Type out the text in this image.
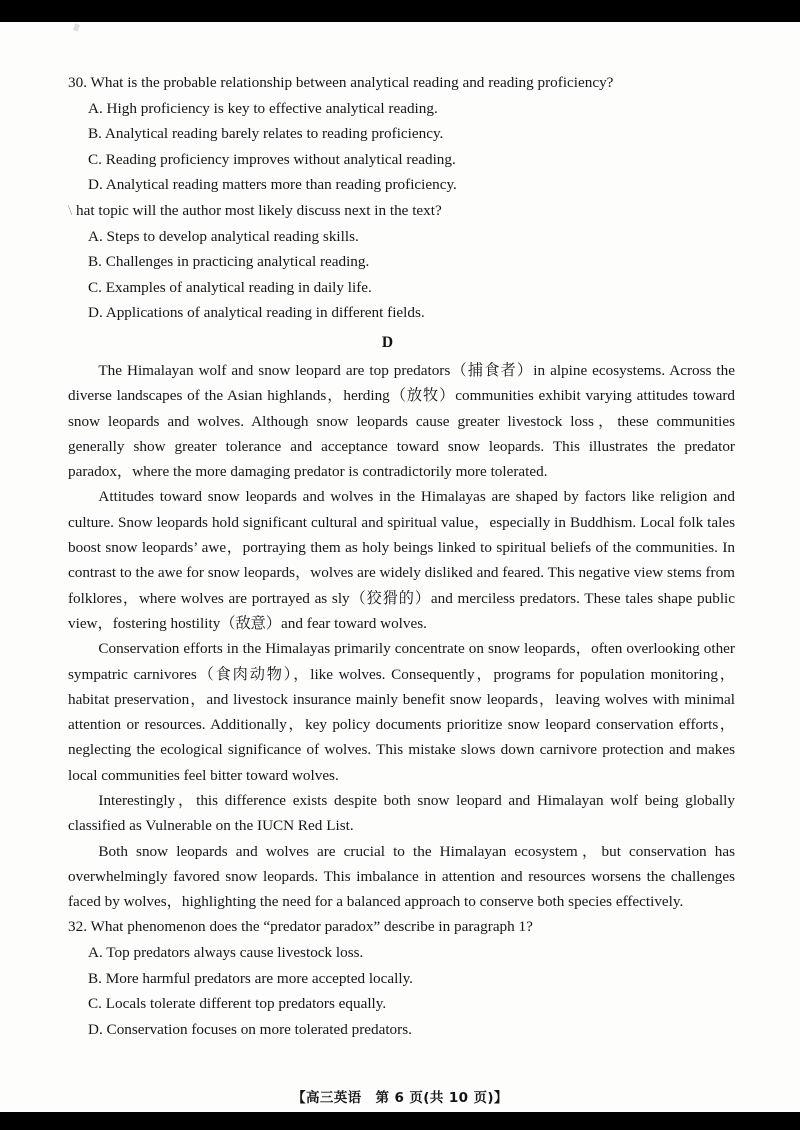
30. What is the probable relationship between analytical reading and reading proficiency?

A. High proficiency is key to effective analytical reading.

B. Analytical reading barely relates to reading proficiency.

C. Reading proficiency improves without analytical reading.

D. Analytical reading matters more than reading proficiency.

\ hat topic will the author most likely discuss next in the text?

A. Steps to develop analytical reading skills.

B. Challenges in practicing analytical reading.

C. Examples of analytical reading in daily life.

D. Applications of analytical reading in different fields.

D

The Himalayan wolf and snow leopard are top predators（捕食者）in alpine ecosystems. Across the diverse landscapes of the Asian highlands，herding（放牧）communities exhibit varying attitudes toward snow leopards and wolves. Although snow leopards cause greater livestock loss，these communities generally show greater tolerance and acceptance toward snow leopards. This illustrates the predator paradox，where the more damaging predator is contradictorily more tolerated.

Attitudes toward snow leopards and wolves in the Himalayas are shaped by factors like religion and culture. Snow leopards hold significant cultural and spiritual value，especially in Buddhism. Local folk tales boost snow leopards’ awe，portraying them as holy beings linked to spiritual beliefs of the communities. In contrast to the awe for snow leopards，wolves are widely disliked and feared. This negative view stems from folklores，where wolves are portrayed as sly（狡猾的）and merciless predators. These tales shape public view，fostering hostility（敌意）and fear toward wolves.

Conservation efforts in the Himalayas primarily concentrate on snow leopards，often overlooking other sympatric carnivores（食肉动物），like wolves. Consequently，programs for population monitoring，habitat preservation，and livestock insurance mainly benefit snow leopards，leaving wolves with minimal attention or resources. Additionally，key policy documents prioritize snow leopard conservation efforts，neglecting the ecological significance of wolves. This mistake slows down carnivore protection and makes local communities feel bitter toward wolves.

Interestingly，this difference exists despite both snow leopard and Himalayan wolf being globally classified as Vulnerable on the IUCN Red List.

Both snow leopards and wolves are crucial to the Himalayan ecosystem，but conservation has overwhelmingly favored snow leopards. This imbalance in attention and resources worsens the challenges faced by wolves，highlighting the need for a balanced approach to conserve both species effectively.

32. What phenomenon does the “predator paradox” describe in paragraph 1?

A. Top predators always cause livestock loss.

B. More harmful predators are more accepted locally.

C. Locals tolerate different top predators equally.

D. Conservation focuses on more tolerated predators.

【高三英语　第 6 页(共 10 页)】
